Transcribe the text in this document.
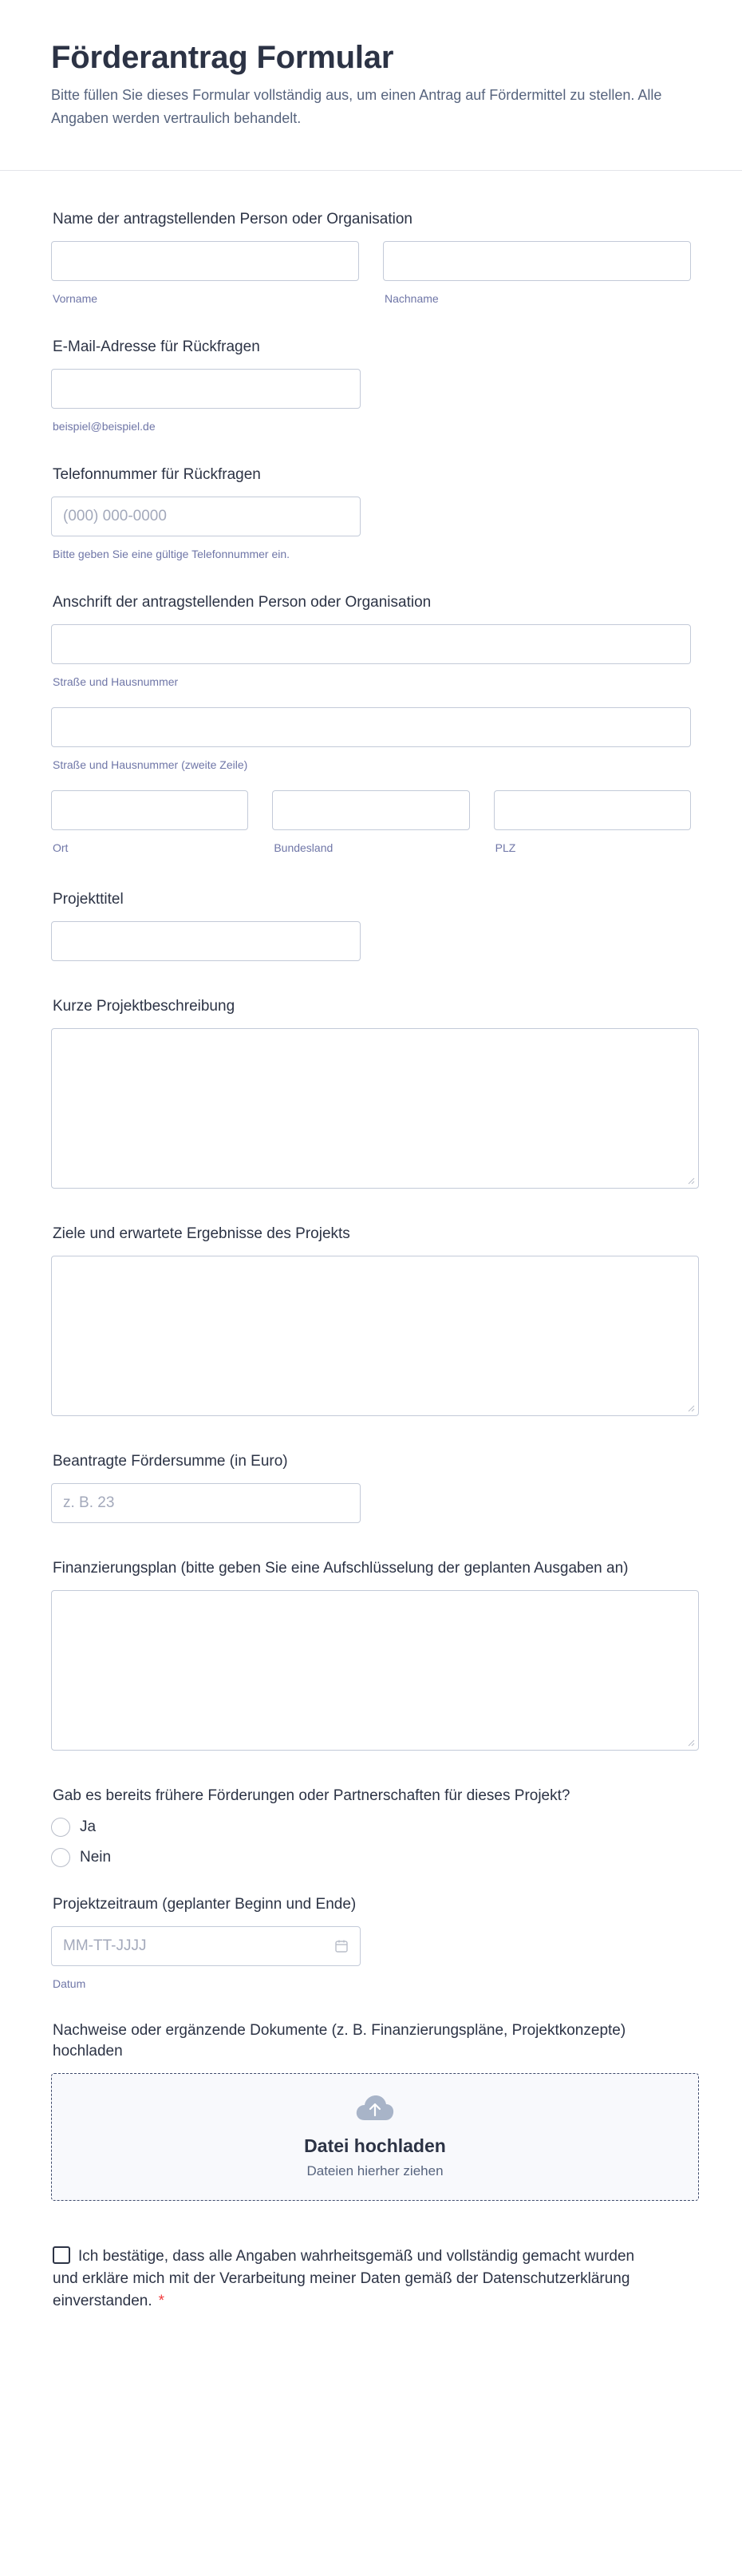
Förderantrag Formular

Bitte füllen Sie dieses Formular vollständig aus, um einen Antrag auf Fördermittel zu stellen. Alle Angaben werden vertraulich behandelt.

Name der antragstellenden Person oder Organisation
Vorname	Nachname
E-Mail-Adresse für Rückfragen
beispiel@beispiel.de
Telefonnummer für Rückfragen
(000) 000-0000
Bitte geben Sie eine gültige Telefonnummer ein.
Anschrift der antragstellenden Person oder Organisation
Straße und Hausnummer
Straße und Hausnummer (zweite Zeile)
Ort	Bundesland	PLZ
Projekttitel
Kurze Projektbeschreibung
Ziele und erwartete Ergebnisse des Projekts
Beantragte Fördersumme (in Euro)
z. B. 23
Finanzierungsplan (bitte geben Sie eine Aufschlüsselung der geplanten Ausgaben an)
Gab es bereits frühere Förderungen oder Partnerschaften für dieses Projekt?
Ja
Nein
Projektzeitraum (geplanter Beginn und Ende)
MM-TT-JJJJ
Datum
Nachweise oder ergänzende Dokumente (z. B. Finanzierungspläne, Projektkonzepte) hochladen
Datei hochladen
Dateien hierher ziehen
Ich bestätige, dass alle Angaben wahrheitsgemäß und vollständig gemacht wurden und erkläre mich mit der Verarbeitung meiner Daten gemäß der Datenschutzerklärung einverstanden. *
